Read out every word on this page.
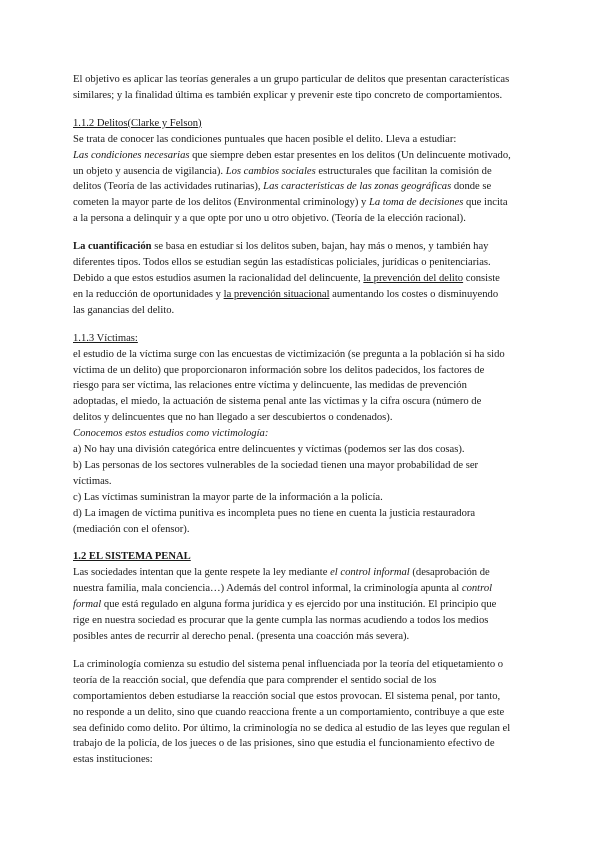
El objetivo es aplicar las teorías generales a un grupo particular de delitos que presentan características similares; y la finalidad última es también explicar y prevenir este tipo concreto de comportamientos.

1.1.2 Delitos(Clarke y Felson)

Se trata de conocer las condiciones puntuales que hacen posible el delito. Lleva a estudiar:

Las condiciones necesarias que siempre deben estar presentes en los delitos (Un delincuente motivado, un objeto y ausencia de vigilancia). Los cambios sociales estructurales que facilitan la comisión de delitos (Teoría de las actividades rutinarias), Las características de las zonas geográficas donde se cometen la mayor parte de los delitos (Environmental criminology) y La toma de decisiones que incita a la persona a delinquir y a que opte por uno u otro objetivo. (Teoría de la elección racional).

La cuantificación se basa en estudiar si los delitos suben, bajan, hay más o menos, y también hay diferentes tipos. Todos ellos se estudian según las estadísticas policiales, jurídicas o penitenciarias. Debido a que estos estudios asumen la racionalidad del delincuente, la prevención del delito consiste en la reducción de oportunidades y la prevención situacional aumentando los costes o disminuyendo las ganancias del delito.

1.1.3 Víctimas:

el estudio de la víctima surge con las encuestas de victimización (se pregunta a la población si ha sido víctima de un delito) que proporcionaron información sobre los delitos padecidos, los factores de riesgo para ser víctima, las relaciones entre víctima y delincuente, las medidas de prevención adoptadas, el miedo, la actuación de sistema penal ante las víctimas y la cifra oscura (número de delitos y delincuentes que no han llegado a ser descubiertos o condenados).

Conocemos estos estudios como victimología:

a) No hay una división categórica entre delincuentes y víctimas (podemos ser las dos cosas).

b) Las personas de los sectores vulnerables de la sociedad tienen una mayor probabilidad de ser víctimas.

c) Las víctimas suministran la mayor parte de la información a la policía.

d) La imagen de víctima punitiva es incompleta pues no tiene en cuenta la justicia restauradora (mediación con el ofensor).

1.2 EL SISTEMA PENAL

Las sociedades intentan que la gente respete la ley mediante el control informal (desaprobación de nuestra familia, mala conciencia…) Además del control informal, la criminología apunta al control formal que está regulado en alguna forma jurídica y es ejercido por una institución. El principio que rige en nuestra sociedad es procurar que la gente cumpla las normas acudiendo a todos los medios posibles antes de recurrir al derecho penal. (presenta una coacción más severa).

La criminología comienza su estudio del sistema penal influenciada por la teoría del etiquetamiento o teoría de la reacción social, que defendía que para comprender el sentido social de los comportamientos deben estudiarse la reacción social que estos provocan. El sistema penal, por tanto, no responde a un delito, sino que cuando reacciona frente a un comportamiento, contribuye a que este sea definido como delito. Por último, la criminología no se dedica al estudio de las leyes que regulan el trabajo de la policía, de los jueces o de las prisiones, sino que estudia el funcionamiento efectivo de estas instituciones:
